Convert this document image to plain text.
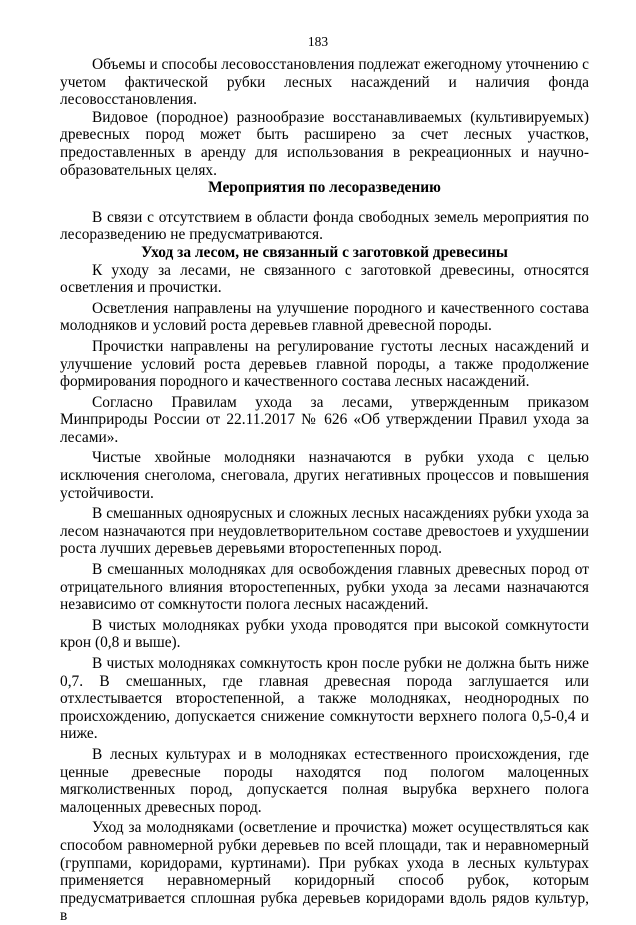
183

Объемы и способы лесовосстановления подлежат ежегодному уточнению с учетом фактической рубки лесных насаждений и наличия фонда лесовосстановления.

Видовое (породное) разнообразие восстанавливаемых (культивируемых) древесных пород может быть расширено за счет лесных участков, предоставленных в аренду для использования в рекреационных и научно-образовательных целях.

Мероприятия по лесоразведению

В связи с отсутствием в области фонда свободных земель мероприятия по лесоразведению не предусматриваются.

Уход за лесом, не связанный с заготовкой древесины

К уходу за лесами, не связанного с заготовкой древесины, относятся осветления и прочистки.

Осветления направлены на улучшение породного и качественного состава молодняков и условий роста деревьев главной древесной породы.

Прочистки направлены на регулирование густоты лесных насаждений и улучшение условий роста деревьев главной породы, а также продолжение формирования породного и качественного состава лесных насаждений.

Согласно Правилам ухода за лесами, утвержденным приказом Минприроды России от 22.11.2017 № 626 «Об утверждении Правил ухода за лесами».

Чистые хвойные молодняки назначаются в рубки ухода с целью исключения снеголома, снеговала, других негативных процессов и повышения устойчивости.

В смешанных одноярусных и сложных лесных насаждениях рубки ухода за лесом назначаются при неудовлетворительном составе древостоев и ухудшении роста лучших деревьев деревьями второстепенных пород.

В смешанных молодняках для освобождения главных древесных пород от отрицательного влияния второстепенных, рубки ухода за лесами назначаются независимо от сомкнутости полога лесных насаждений.

В чистых молодняках рубки ухода проводятся при высокой сомкнутости крон (0,8 и выше).

В чистых молодняках сомкнутость крон после рубки не должна быть ниже 0,7. В смешанных, где главная древесная порода заглушается или отхлестывается второстепенной, а также молодняках, неоднородных по происхождению, допускается снижение сомкнутости верхнего полога 0,5-0,4 и ниже.

В лесных культурах и в молодняках естественного происхождения, где ценные древесные породы находятся под пологом малоценных мягколиственных пород, допускается полная вырубка верхнего полога малоценных древесных пород.

Уход за молодняками (осветление и прочистка) может осуществляться как способом равномерной рубки деревьев по всей площади, так и неравномерный (группами, коридорами, куртинами). При рубках ухода в лесных культурах применяется неравномерный коридорный способ рубок, которым предусматривается сплошная рубка деревьев коридорами вдоль рядов культур, в
